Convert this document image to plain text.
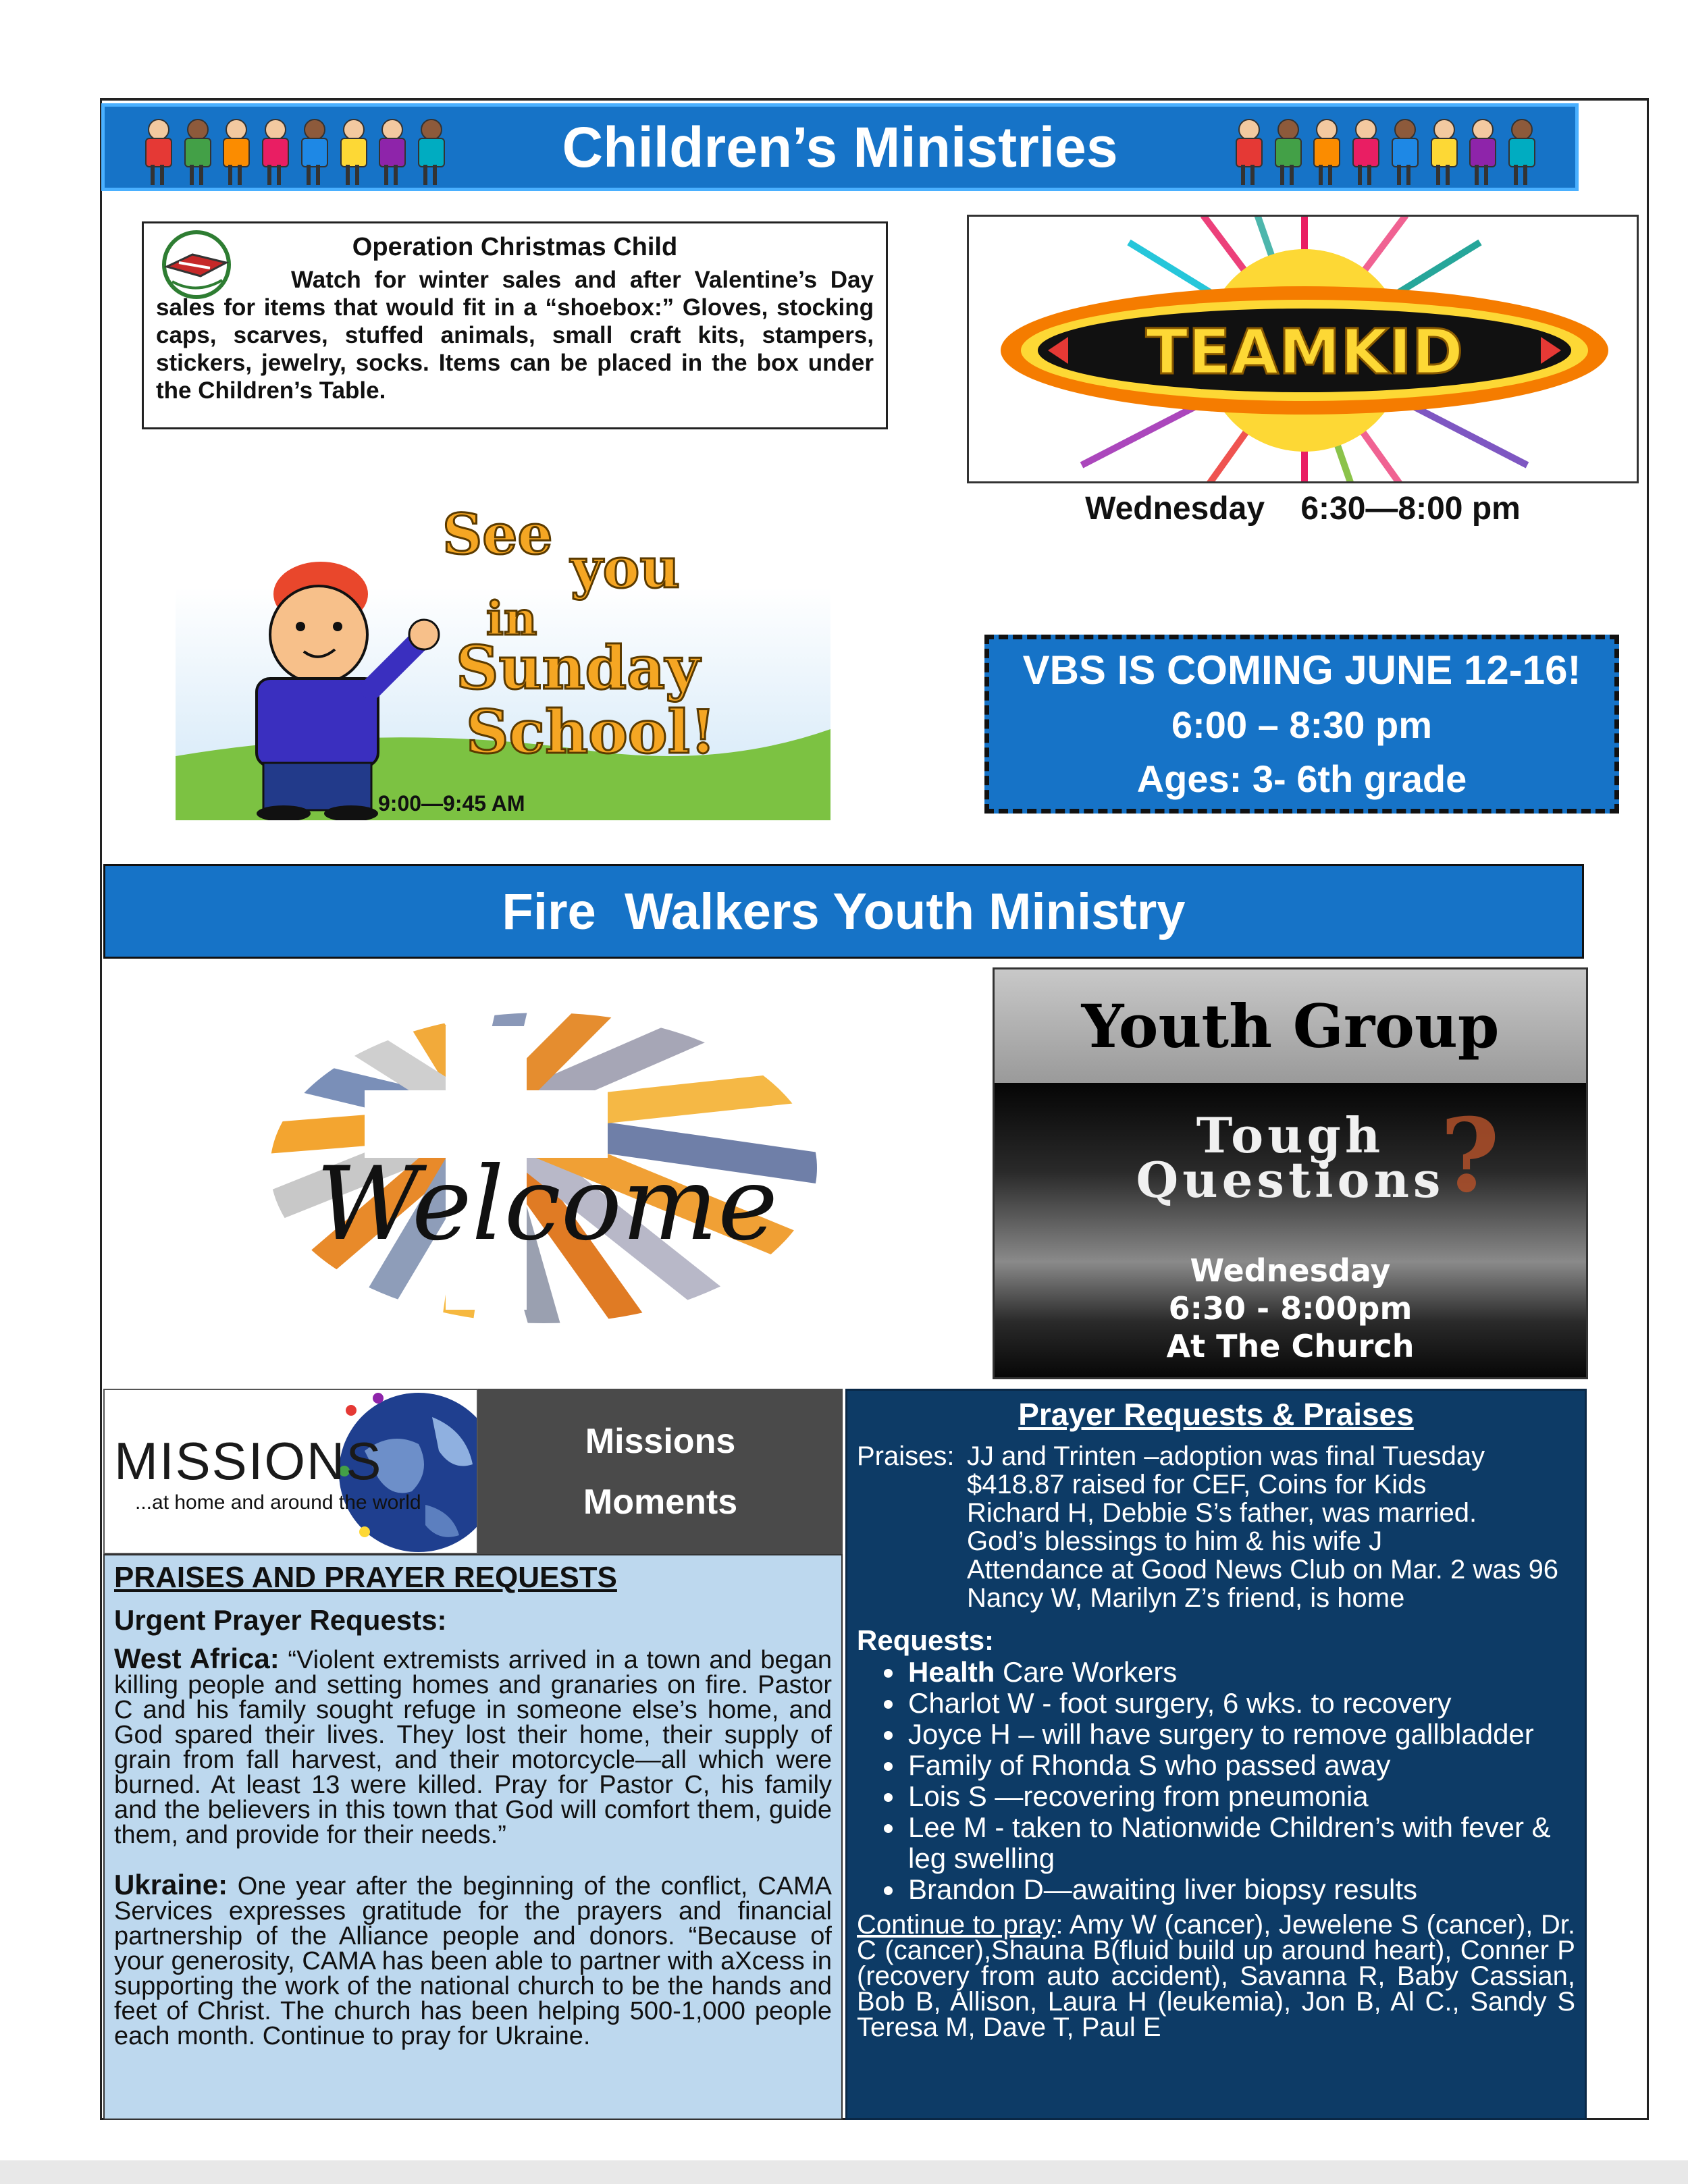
Children’s Ministries
Operation Christmas Child
Watch for winter sales and after Valentine’s Day sales for items that would fit in a “shoebox:” Gloves, stocking caps, scarves, stuffed animals, small craft kits, stampers, stickers, jewelry, socks. Items can be placed in the box under the Children’s Table.
TEAMKID
Wednesday    6:30—8:00 pm
See
you
in
Sunday
School!
9:00—9:45 AM
VBS IS COMING JUNE 12-16!
6:00 – 8:30 pm
Ages: 3- 6th grade
Fire  Walkers Youth Ministry
Welcome
Youth Group
?
Tough
Questions
Wednesday
6:30 - 8:00pm
At The Church
MISSIONS
...at home and around the world
Missions
Moments
PRAISES AND PRAYER REQUESTS
Urgent Prayer Requests:
West Africa: “Violent extremists arrived in a town and began killing people and setting homes and granaries on fire. Pastor C and his family sought refuge in someone else’s home, and God spared their lives. They lost their home, their supply of grain from fall harvest, and their motorcycle—all which were burned. At least 13 were killed. Pray for Pastor C, his family and the believers in this town that God will comfort them, guide them, and provide for their needs.”
Ukraine: One year after the beginning of the conflict, CAMA Services expresses gratitude for the prayers and financial partnership of the Alliance people and donors. “Because of your generosity, CAMA has been able to partner with aXcess in supporting the work of the national church to be the hands and feet of Christ. The church has been helping 500-1,000 people each month. Continue to pray for Ukraine.
Prayer Requests & Praises
Praises: JJ and Trinten –adoption was final Tuesday
$418.87 raised for CEF, Coins for Kids
Richard H, Debbie S’s father, was married.
God’s blessings to him & his wife J
Attendance at Good News Club on Mar. 2 was 96
Nancy W, Marilyn Z’s friend, is home
Requests:
• Health Care Workers
• Charlot W - foot surgery, 6 wks. to recovery
• Joyce H – will have surgery to remove gallbladder
• Family of Rhonda S who passed away
• Lois S —recovering from pneumonia
• Lee M - taken to Nationwide Children’s with fever & leg swelling
• Brandon D—awaiting liver biopsy results
Continue to pray: Amy W (cancer), Jewelene S (cancer), Dr. C (cancer),Shauna B(fluid build up around heart), Conner P (recovery from auto accident), Savanna R, Baby Cassian, Bob B, Allison, Laura H (leukemia), Jon B, Al C., Sandy S Teresa M, Dave T, Paul E
